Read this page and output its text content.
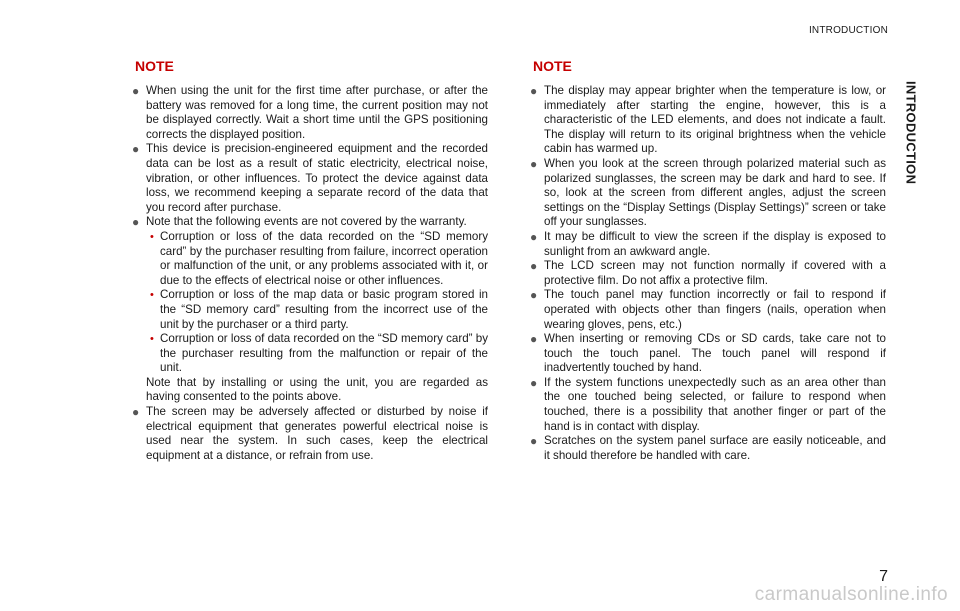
INTRODUCTION
INTRODUCTION
NOTE
● When using the unit for the first time after purchase, or after the battery was removed for a long time, the current position may not be displayed correctly. Wait a short time until the GPS positioning corrects the displayed position.
● This device is precision-engineered equipment and the recorded data can be lost as a result of static electricity, electrical noise, vibration, or other influences. To protect the device against data loss, we recommend keeping a separate record of the data that you record after purchase.
● Note that the following events are not covered by the warranty.
• Corruption or loss of the data recorded on the “SD memory card” by the purchaser resulting from failure, incorrect operation or malfunction of the unit, or any problems associated with it, or due to the effects of electrical noise or other influences.
• Corruption or loss of the map data or basic program stored in the “SD memory card” resulting from the incorrect use of the unit by the purchaser or a third party.
• Corruption or loss of data recorded on the “SD memory card” by the purchaser resulting from the malfunction or repair of the unit.
Note that by installing or using the unit, you are regarded as having consented to the points above.
● The screen may be adversely affected or disturbed by noise if electrical equipment that generates powerful electrical noise is used near the system. In such cases, keep the electrical equipment at a distance, or refrain from use.
NOTE
● The display may appear brighter when the temperature is low, or immediately after starting the engine, however, this is a characteristic of the LED elements, and does not indicate a fault. The display will return to its original brightness when the vehicle cabin has warmed up.
● When you look at the screen through polarized material such as polarized sunglasses, the screen may be dark and hard to see. If so, look at the screen from different angles, adjust the screen settings on the “Display Settings (Display Settings)” screen or take off your sunglasses.
● It may be difficult to view the screen if the display is exposed to sunlight from an awkward angle.
● The LCD screen may not function normally if covered with a protective film. Do not affix a protective film.
● The touch panel may function incorrectly or fail to respond if operated with objects other than fingers (nails, operation when wearing gloves, pens, etc.)
● When inserting or removing CDs or SD cards, take care not to touch the touch panel. The touch panel will respond if inadvertently touched by hand.
● If the system functions unexpectedly such as an area other than the one touched being selected, or failure to respond when touched, there is a possibility that another finger or part of the hand is in contact with display.
● Scratches on the system panel surface are easily noticeable, and it should therefore be handled with care.
7
carmanualsonline.info
